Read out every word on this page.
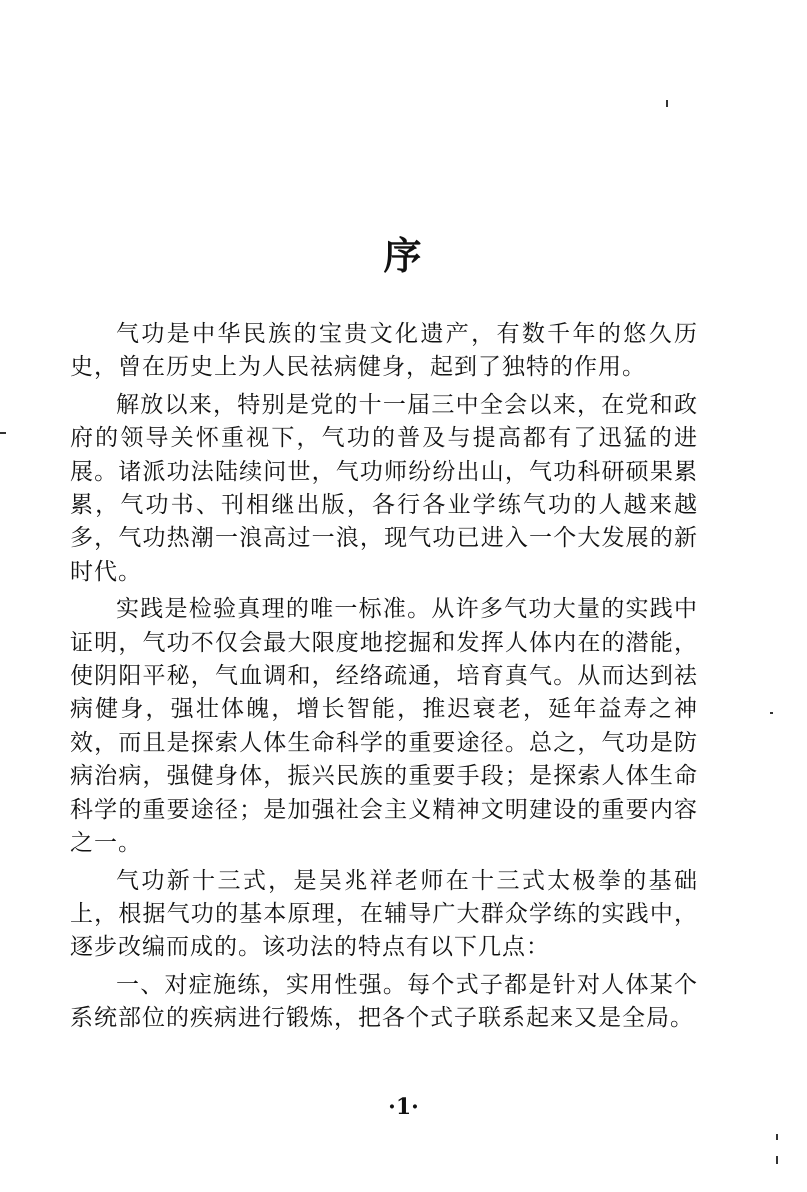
序

气功是中华民族的宝贵文化遗产，有数千年的悠久历史，曾在历史上为人民祛病健身，起到了独特的作用。

解放以来，特别是党的十一届三中全会以来，在党和政府的领导关怀重视下，气功的普及与提高都有了迅猛的进展。诸派功法陆续问世，气功师纷纷出山，气功科研硕果累累，气功书、刊相继出版，各行各业学练气功的人越来越多，气功热潮一浪高过一浪，现气功已进入一个大发展的新时代。

实践是检验真理的唯一标准。从许多气功大量的实践中证明，气功不仅会最大限度地挖掘和发挥人体内在的潜能，使阴阳平秘，气血调和，经络疏通，培育真气。从而达到祛病健身，强壮体魄，增长智能，推迟衰老，延年益寿之神效，而且是探索人体生命科学的重要途径。总之，气功是防病治病，强健身体，振兴民族的重要手段；是探索人体生命科学的重要途径；是加强社会主义精神文明建设的重要内容之一。

气功新十三式，是吴兆祥老师在十三式太极拳的基础上，根据气功的基本原理，在辅导广大群众学练的实践中，逐步改编而成的。该功法的特点有以下几点：

一、对症施练，实用性强。每个式子都是针对人体某个系统部位的疾病进行锻炼，把各个式子联系起来又是全局。

·1·
